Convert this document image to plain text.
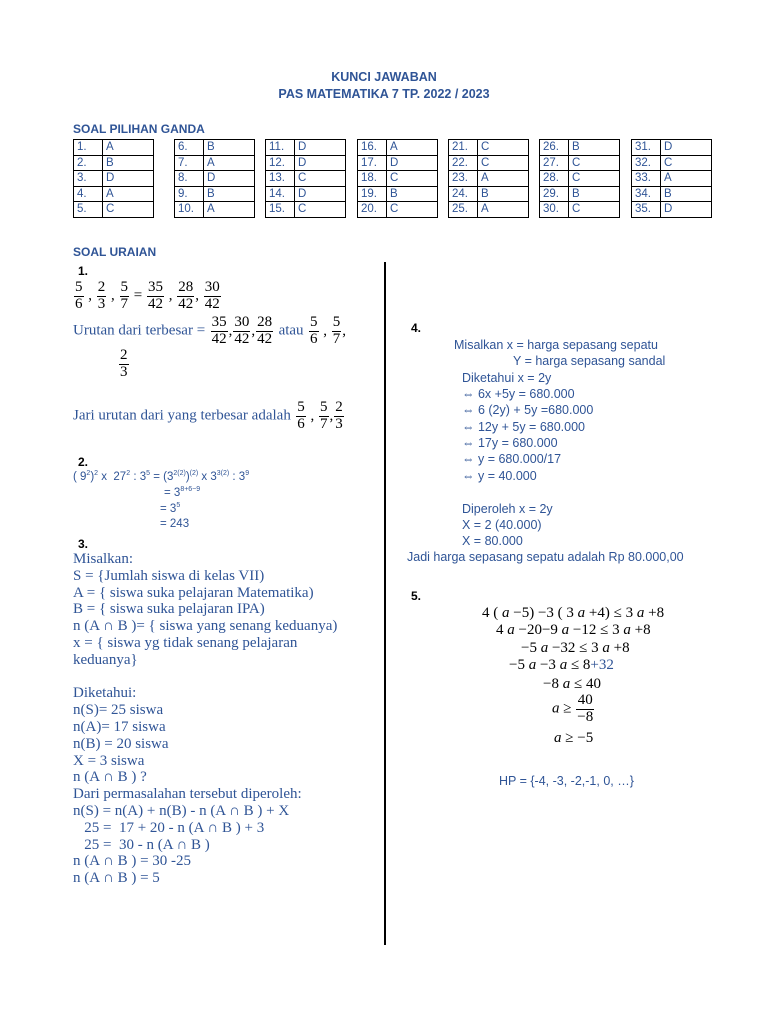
KUNCI JAWABAN
PAS MATEMATIKA 7 TP. 2022 / 2023
SOAL PILIHAN GANDA
1.	A
2.	B
3.	D
4.	A
5.	C
6.	B
7.	A
8.	D
9.	B
10.	A
11.	D
12.	D
13.	C
14.	D
15.	C
16.	A
17.	D
18.	C
19.	B
20.	C
21.	C
22.	C
23.	A
24.	B
25.	A
26.	B
27.	C
28.	C
29.	B
30.	C
31.	D
32.	C
33.	A
34.	B
35.	D
SOAL URAIAN
1.
$\frac{5}{6}$ , $\frac{2}{3}$ , $\frac{5}{7} = \frac{35}{42}$ , $\frac{28}{42}$ , $\frac{30}{42}$
Urutan dari terbesar = $\frac{35}{42}$ , $\frac{30}{42}$ , $\frac{28}{42}$ atau $\frac{5}{6}$ , $\frac{5}{7}$ ,
$\frac{2}{3}$
Jari urutan dari yang terbesar adalah $\frac{5}{6}$ , $\frac{5}{7}$ , $\frac{2}{3}$
2.
( $9^2)^2$ x  $27^2$ : $3^5 = (3^{2(2)})^{(2)}$ x $3^{3(2)}$ : $3^9$
= $3^{8+6-9}$
= $3^5$
= 243
3.
Misalkan:
S = {Jumlah siswa di kelas VII)
A = { siswa suka pelajaran Matematika)
B = { siswa suka pelajaran IPA)
n (A ∩ B )= { siswa yang senang keduanya)
x = { siswa yg tidak senang pelajaran
keduanya}
Diketahui:
n(S)= 25 siswa
n(A)= 17 siswa
n(B) = 20 siswa
X = 3 siswa
n (A ∩ B ) ?
Dari permasalahan tersebut diperoleh:
n(S) = n(A) + n(B) - n (A ∩ B ) + X
25 =  17 + 20 - n (A ∩ B ) + 3
25 =  30 - n (A ∩ B )
n (A ∩ B ) = 30 -25
n (A ∩ B ) = 5
4.
Misalkan x = harga sepasang sepatu
Y = harga sepasang sandal
Diketahui x = 2y
⇔ 6x +5y = 680.000
⇔ 6 (2y) + 5y =680.000
⇔ 12y + 5y = 680.000
⇔ 17y = 680.000
⇔ y = 680.000/17
⇔ y = 40.000
Diperoleh x = 2y
X = 2 (40.000)
X = 80.000
Jadi harga sepasang sepatu adalah Rp 80.000,00
5.
4 ( a −5) −3 ( 3 a +4) ≤ 3 a +8
4 a −20−9 a −12 ≤ 3 a +8
−5 a −32 ≤ 3 a +8
−5 a −3 a ≤ 8+32
−8 a ≤ 40
$a \ge \frac{40}{-8}$
a ≥ −5
HP = {-4, -3, -2,-1, 0, …}
